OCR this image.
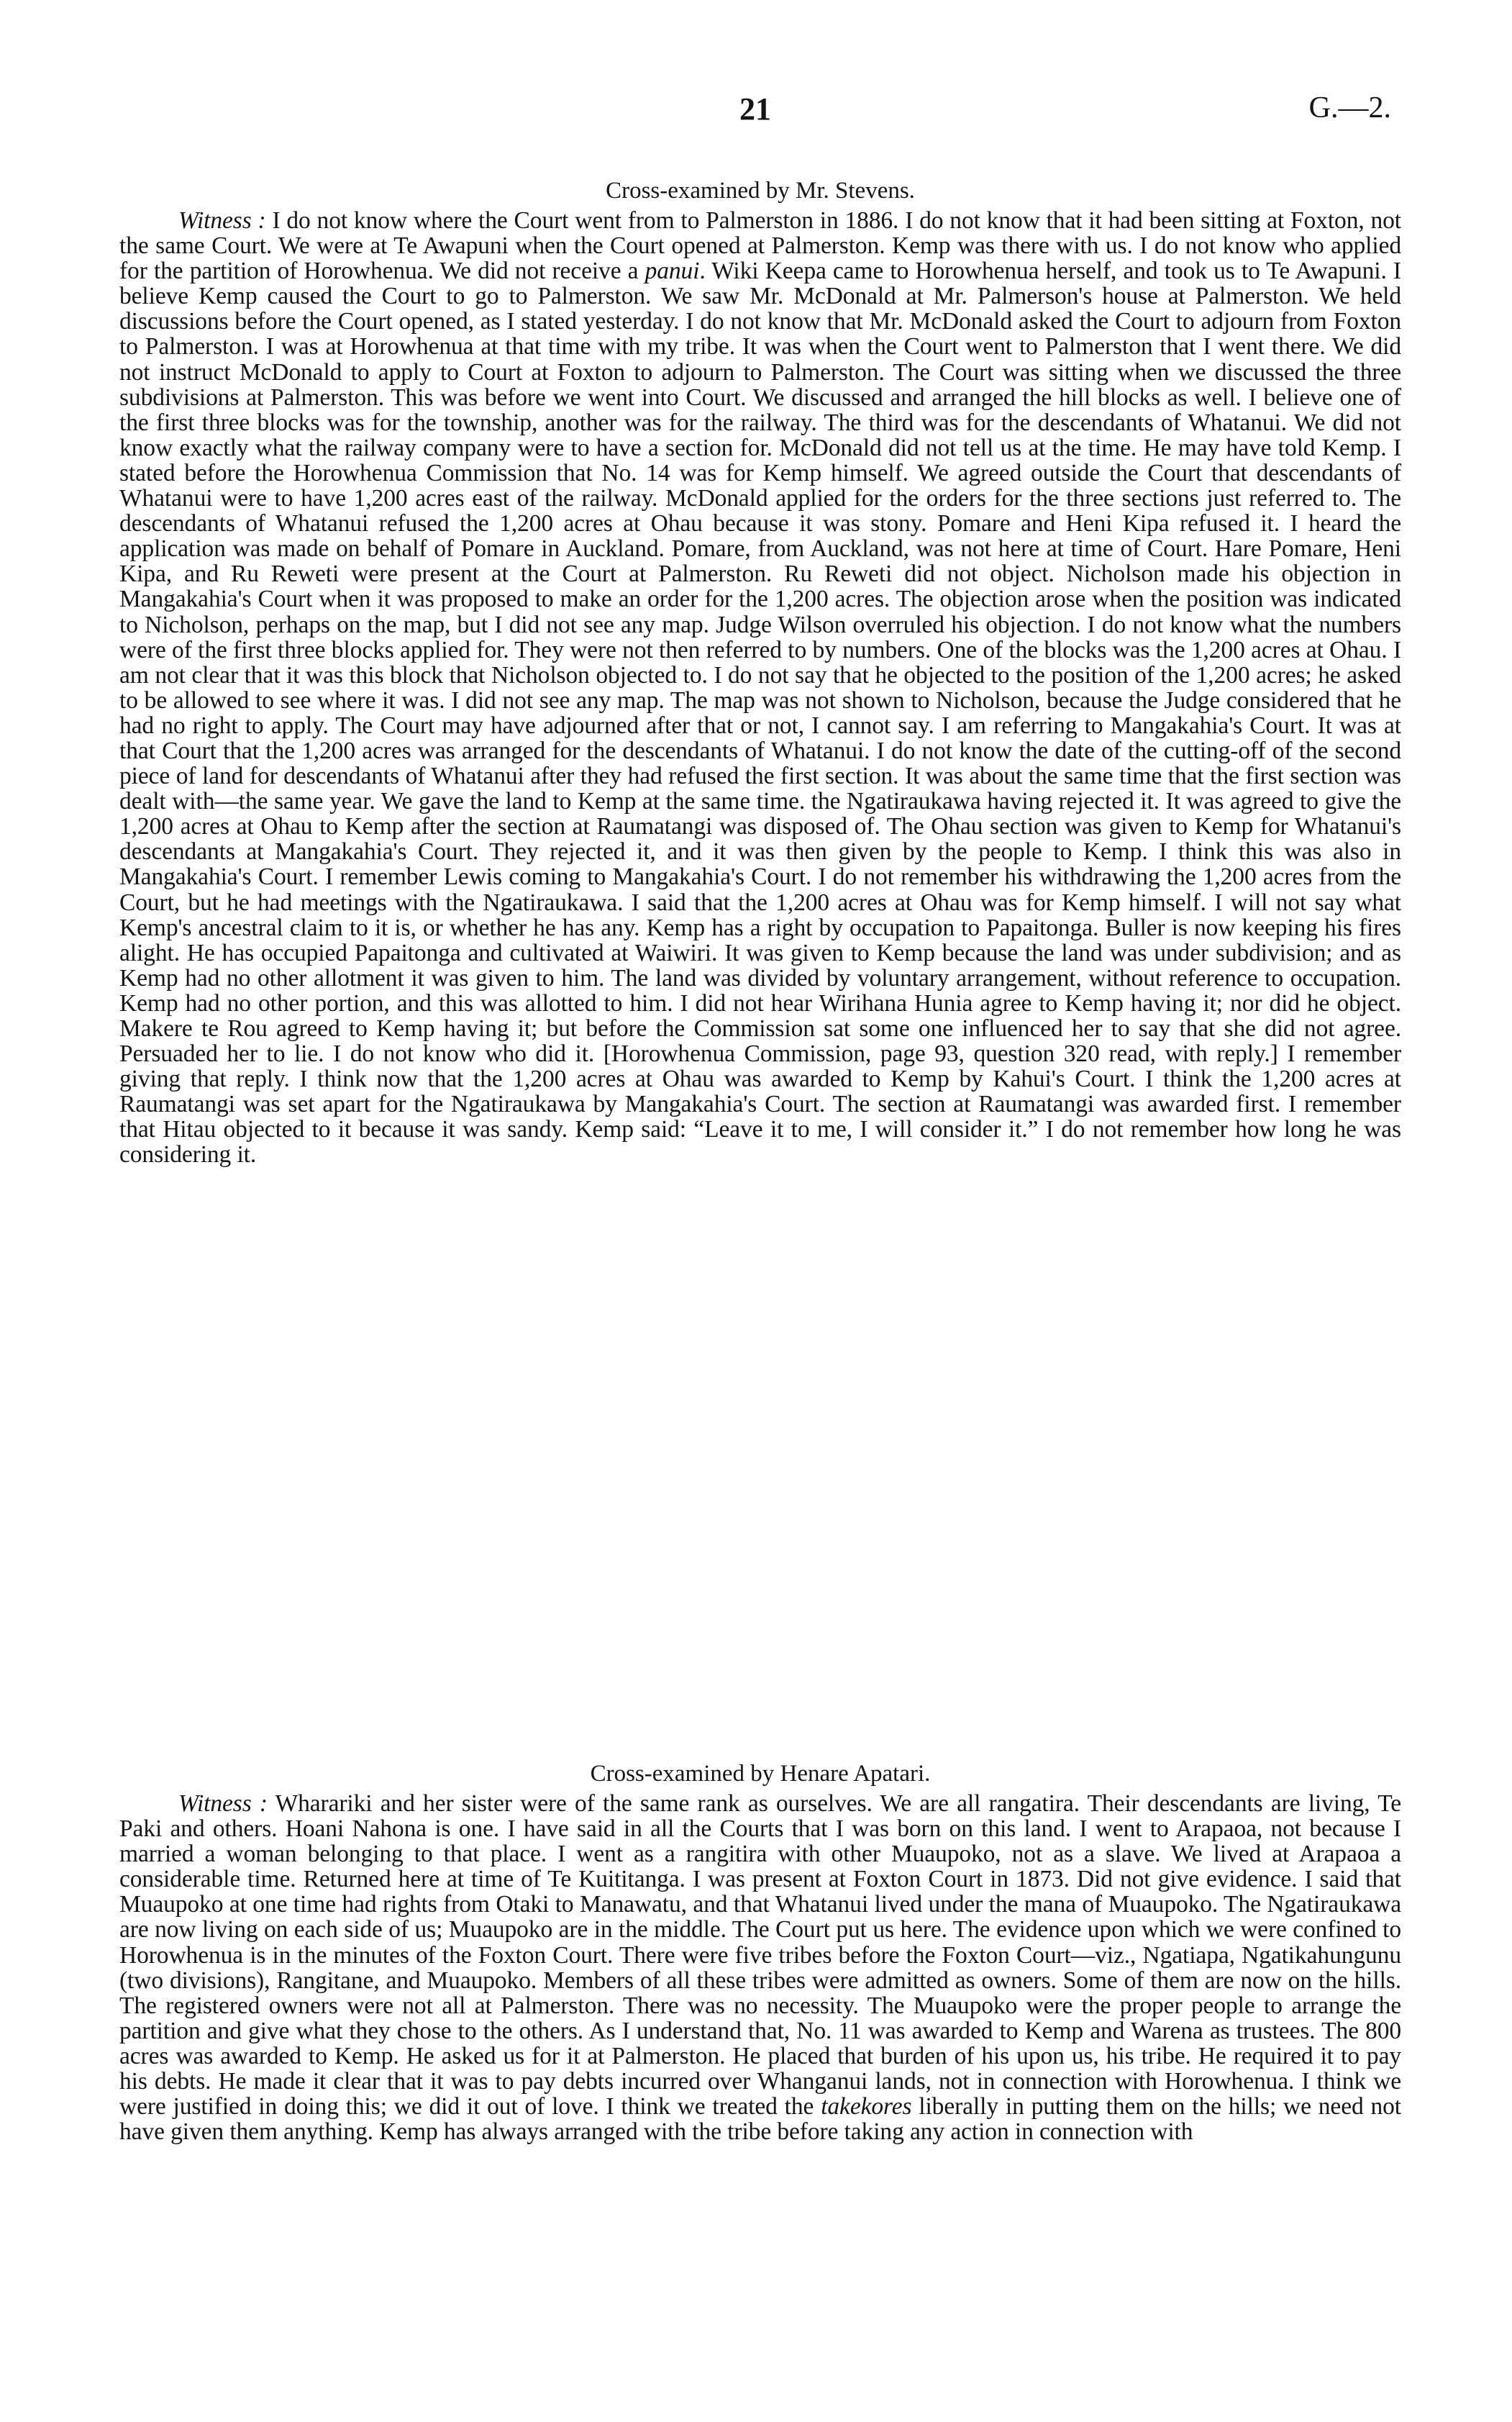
21	G.—2.
Cross-examined by Mr. Stevens.

Witness : I do not know where the Court went from to Palmerston in 1886. I do not know that it had been sitting at Foxton, not the same Court. We were at Te Awapuni when the Court opened at Palmerston. Kemp was there with us. I do not know who applied for the partition of Horowhenua. We did not receive a panui. Wiki Keepa came to Horowhenua herself, and took us to Te Awapuni. I believe Kemp caused the Court to go to Palmerston. We saw Mr. McDonald at Mr. Palmerson's house at Palmerston. We held discussions before the Court opened, as I stated yesterday. I do not know that Mr. McDonald asked the Court to adjourn from Foxton to Palmerston. I was at Horowhenua at that time with my tribe. It was when the Court went to Palmerston that I went there. We did not instruct McDonald to apply to Court at Foxton to adjourn to Palmerston. The Court was sitting when we discussed the three subdivisions at Palmerston. This was before we went into Court. We discussed and arranged the hill blocks as well. I believe one of the first three blocks was for the township, another was for the railway. The third was for the descendants of Whatanui. We did not know exactly what the railway company were to have a section for. McDonald did not tell us at the time. He may have told Kemp. I stated before the Horowhenua Commission that No. 14 was for Kemp himself. We agreed outside the Court that descendants of Whatanui were to have 1,200 acres east of the railway. McDonald applied for the orders for the three sections just referred to. The descendants of Whatanui refused the 1,200 acres at Ohau because it was stony. Pomare and Heni Kipa refused it. I heard the application was made on behalf of Pomare in Auckland. Pomare, from Auckland, was not here at time of Court. Hare Pomare, Heni Kipa, and Ru Reweti were present at the Court at Palmerston. Ru Reweti did not object. Nicholson made his objection in Mangakahia's Court when it was proposed to make an order for the 1,200 acres. The objection arose when the position was indicated to Nicholson, perhaps on the map, but I did not see any map. Judge Wilson overruled his objection. I do not know what the numbers were of the first three blocks applied for. They were not then referred to by numbers. One of the blocks was the 1,200 acres at Ohau. I am not clear that it was this block that Nicholson objected to. I do not say that he objected to the position of the 1,200 acres; he asked to be allowed to see where it was. I did not see any map. The map was not shown to Nicholson, because the Judge considered that he had no right to apply. The Court may have adjourned after that or not, I cannot say. I am referring to Mangakahia's Court. It was at that Court that the 1,200 acres was arranged for the descendants of Whatanui. I do not know the date of the cutting-off of the second piece of land for descendants of Whatanui after they had refused the first section. It was about the same time that the first section was dealt with—the same year. We gave the land to Kemp at the same time. the Ngatiraukawa having rejected it. It was agreed to give the 1,200 acres at Ohau to Kemp after the section at Raumatangi was disposed of. The Ohau section was given to Kemp for Whatanui's descendants at Mangakahia's Court. They rejected it, and it was then given by the people to Kemp. I think this was also in Mangakahia's Court. I remember Lewis coming to Mangakahia's Court. I do not remember his withdrawing the 1,200 acres from the Court, but he had meetings with the Ngatiraukawa. I said that the 1,200 acres at Ohau was for Kemp himself. I will not say what Kemp's ancestral claim to it is, or whether he has any. Kemp has a right by occupation to Papaitonga. Buller is now keeping his fires alight. He has occupied Papaitonga and cultivated at Waiwiri. It was given to Kemp because the land was under subdivision; and as Kemp had no other allotment it was given to him. The land was divided by voluntary arrangement, without reference to occupation. Kemp had no other portion, and this was allotted to him. I did not hear Wirihana Hunia agree to Kemp having it; nor did he object. Makere te Rou agreed to Kemp having it; but before the Commission sat some one influenced her to say that she did not agree. Persuaded her to lie. I do not know who did it. [Horowhenua Commission, page 93, question 320 read, with reply.] I remember giving that reply. I think now that the 1,200 acres at Ohau was awarded to Kemp by Kahui's Court. I think the 1,200 acres at Raumatangi was set apart for the Ngatiraukawa by Mangakahia's Court. The section at Raumatangi was awarded first. I remember that Hitau objected to it because it was sandy. Kemp said: “Leave it to me, I will consider it.” I do not remember how long he was considering it.

Cross-examined by Henare Apatari.

Witness : Wharariki and her sister were of the same rank as ourselves. We are all rangatira. Their descendants are living, Te Paki and others. Hoani Nahona is one. I have said in all the Courts that I was born on this land. I went to Arapaoa, not because I married a woman belonging to that place. I went as a rangitira with other Muaupoko, not as a slave. We lived at Arapaoa a considerable time. Returned here at time of Te Kuititanga. I was present at Foxton Court in 1873. Did not give evidence. I said that Muaupoko at one time had rights from Otaki to Manawatu, and that Whatanui lived under the mana of Muaupoko. The Ngatiraukawa are now living on each side of us; Muaupoko are in the middle. The Court put us here. The evidence upon which we were confined to Horowhenua is in the minutes of the Foxton Court. There were five tribes before the Foxton Court—viz., Ngatiapa, Ngatikahungunu (two divisions), Rangitane, and Muaupoko. Members of all these tribes were admitted as owners. Some of them are now on the hills. The registered owners were not all at Palmerston. There was no necessity. The Muaupoko were the proper people to arrange the partition and give what they chose to the others. As I understand that, No. 11 was awarded to Kemp and Warena as trustees. The 800 acres was awarded to Kemp. He asked us for it at Palmerston. He placed that burden of his upon us, his tribe. He required it to pay his debts. He made it clear that it was to pay debts incurred over Whanganui lands, not in connection with Horowhenua. I think we were justified in doing this; we did it out of love. I think we treated the takekores liberally in putting them on the hills; we need not have given them anything. Kemp has always arranged with the tribe before taking any action in connection with
